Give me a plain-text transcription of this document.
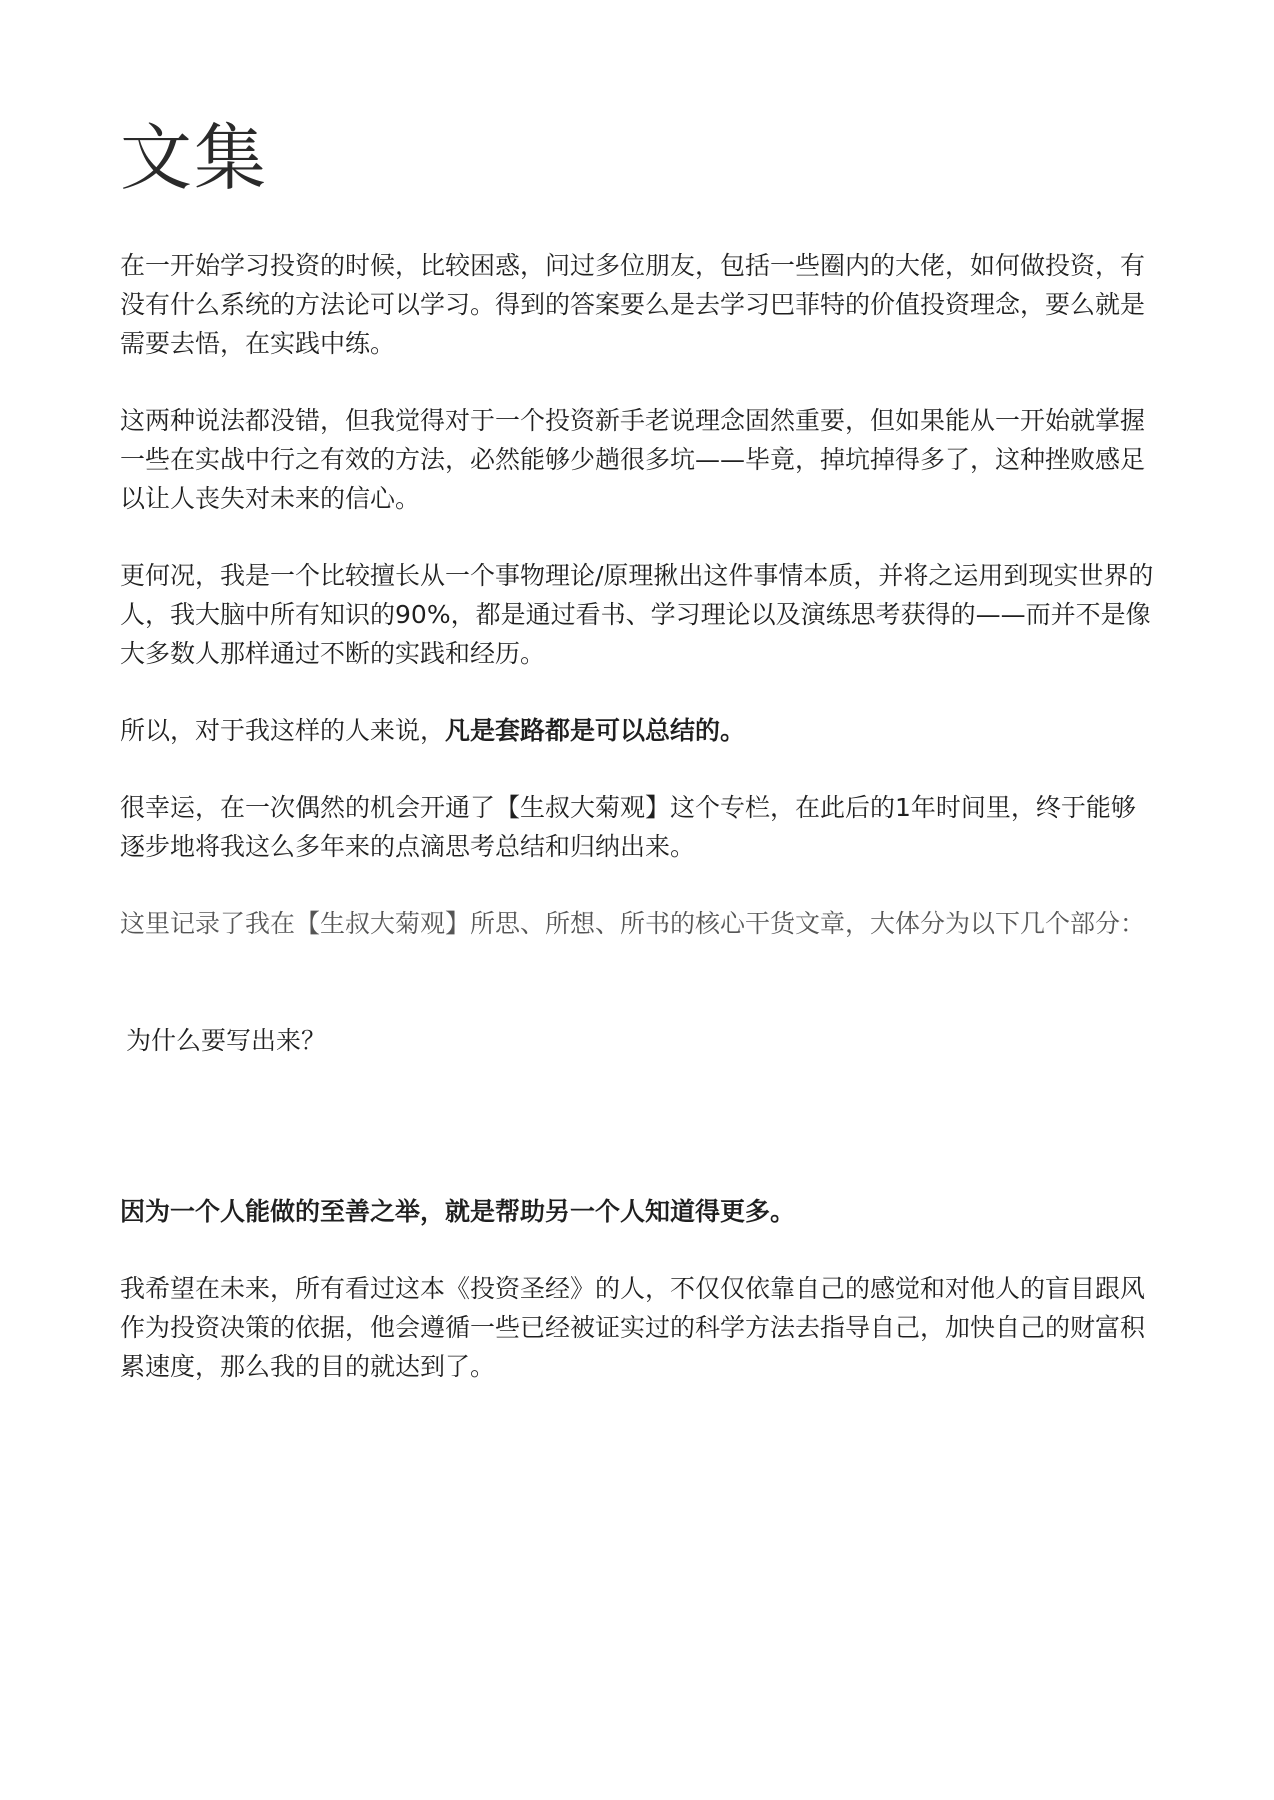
文集

在一开始学习投资的时候，比较困惑，问过多位朋友，包括一些圈内的大佬，如何做投资，有没有什么系统的方法论可以学习。得到的答案要么是去学习巴菲特的价值投资理念，要么就是需要去悟，在实践中练。

这两种说法都没错，但我觉得对于一个投资新手老说理念固然重要，但如果能从一开始就掌握一些在实战中行之有效的方法，必然能够少趟很多坑——毕竟，掉坑掉得多了，这种挫败感足以让人丧失对未来的信心。

更何况，我是一个比较擅长从一个事物理论/原理揪出这件事情本质，并将之运用到现实世界的人，我大脑中所有知识的90%，都是通过看书、学习理论以及演练思考获得的——而并不是像大多数人那样通过不断的实践和经历。

所以，对于我这样的人来说，凡是套路都是可以总结的。

很幸运，在一次偶然的机会开通了【生叔大菊观】这个专栏，在此后的1年时间里，终于能够逐步地将我这么多年来的点滴思考总结和归纳出来。

这里记录了我在【生叔大菊观】所思、所想、所书的核心干货文章，大体分为以下几个部分：

为什么要写出来？

因为一个人能做的至善之举，就是帮助另一个人知道得更多。

我希望在未来，所有看过这本《投资圣经》的人，不仅仅依靠自己的感觉和对他人的盲目跟风作为投资决策的依据，他会遵循一些已经被证实过的科学方法去指导自己，加快自己的财富积累速度，那么我的目的就达到了。
